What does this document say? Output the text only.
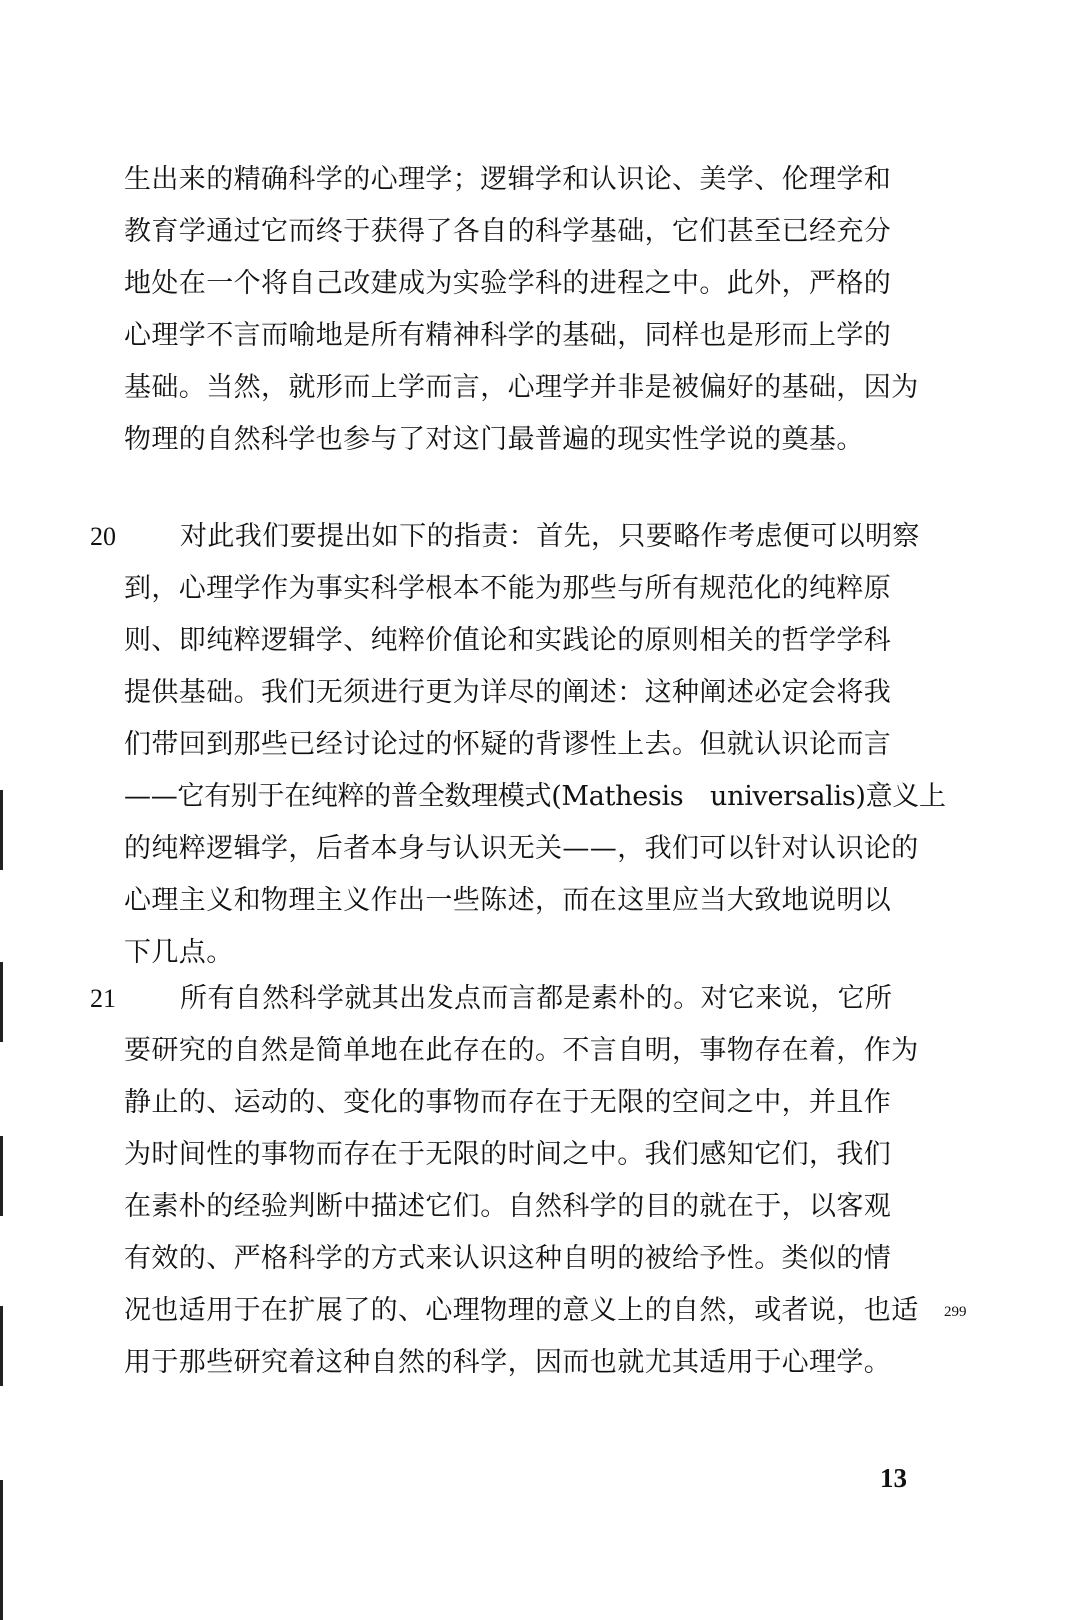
生出来的精确科学的心理学；逻辑学和认识论、美学、伦理学和
教育学通过它而终于获得了各自的科学基础，它们甚至已经充分
地处在一个将自己改建成为实验学科的进程之中。此外，严格的
心理学不言而喻地是所有精神科学的基础，同样也是形而上学的
基础。当然，就形而上学而言，心理学并非是被偏好的基础，因为
物理的自然科学也参与了对这门最普遍的现实性学说的奠基。
20 对此我们要提出如下的指责：首先，只要略作考虑便可以明察
到，心理学作为事实科学根本不能为那些与所有规范化的纯粹原
则、即纯粹逻辑学、纯粹价值论和实践论的原则相关的哲学学科
提供基础。我们无须进行更为详尽的阐述：这种阐述必定会将我
们带回到那些已经讨论过的怀疑的背谬性上去。但就认识论而言
——它有别于在纯粹的普全数理模式(Mathesis　universalis)意义上
的纯粹逻辑学，后者本身与认识无关——，我们可以针对认识论的
心理主义和物理主义作出一些陈述，而在这里应当大致地说明以
下几点。
21 所有自然科学就其出发点而言都是素朴的。对它来说，它所
要研究的自然是简单地在此存在的。不言自明，事物存在着，作为
静止的、运动的、变化的事物而存在于无限的空间之中，并且作
为时间性的事物而存在于无限的时间之中。我们感知它们，我们
在素朴的经验判断中描述它们。自然科学的目的就在于，以客观
有效的、严格科学的方式来认识这种自明的被给予性。类似的情
况也适用于在扩展了的、心理物理的意义上的自然，或者说，也适
用于那些研究着这种自然的科学，因而也就尤其适用于心理学。
299
13
